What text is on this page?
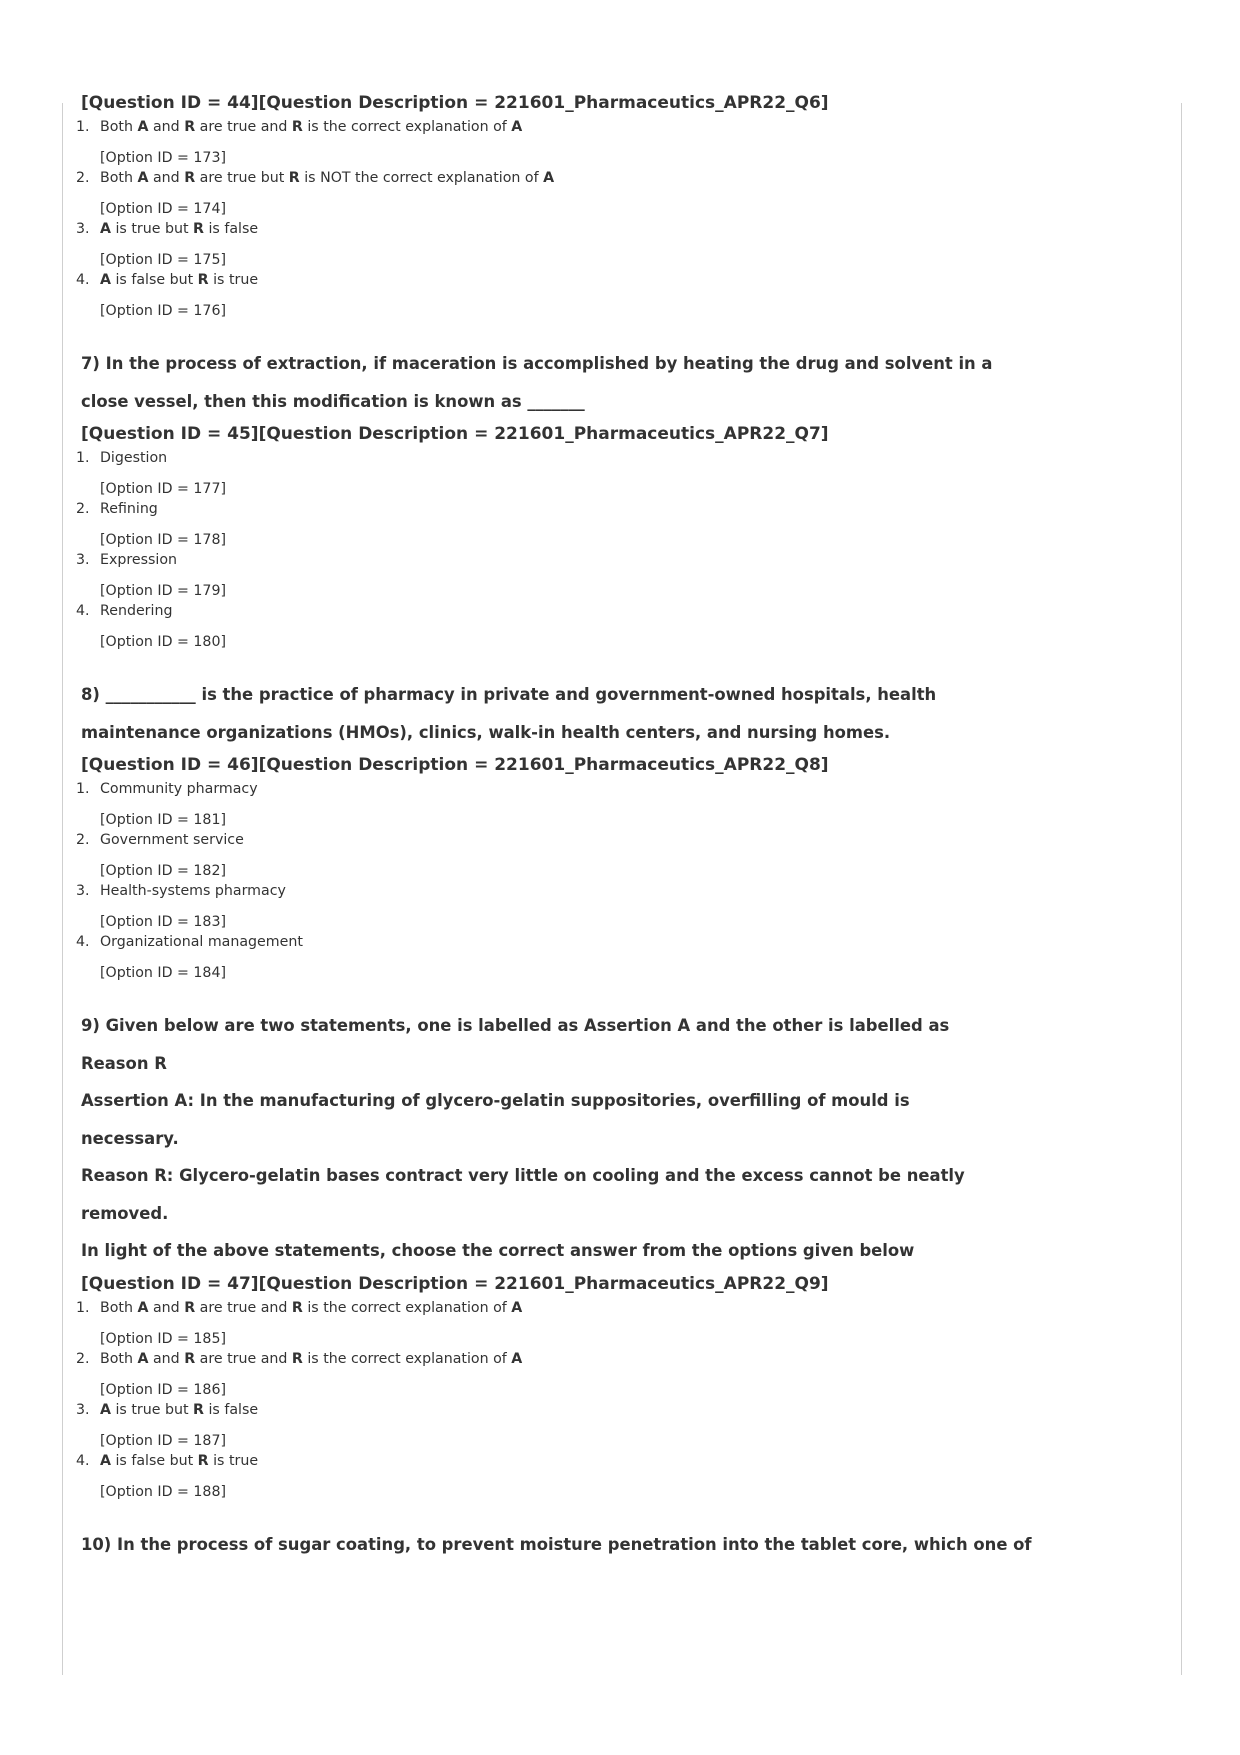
[Question ID = 44][Question Description = 221601_Pharmaceutics_APR22_Q6]
1. Both A and R are true and R is the correct explanation of A
[Option ID = 173]
2. Both A and R are true but R is NOT the correct explanation of A
[Option ID = 174]
3. A is true but R is false
[Option ID = 175]
4. A is false but R is true
[Option ID = 176]
7) In the process of extraction, if maceration is accomplished by heating the drug and solvent in a
close vessel, then this modification is known as _______
[Question ID = 45][Question Description = 221601_Pharmaceutics_APR22_Q7]
1. Digestion
[Option ID = 177]
2. Refining
[Option ID = 178]
3. Expression
[Option ID = 179]
4. Rendering
[Option ID = 180]
8) ___________ is the practice of pharmacy in private and government-owned hospitals, health
maintenance organizations (HMOs), clinics, walk-in health centers, and nursing homes.
[Question ID = 46][Question Description = 221601_Pharmaceutics_APR22_Q8]
1. Community pharmacy
[Option ID = 181]
2. Government service
[Option ID = 182]
3. Health-systems pharmacy
[Option ID = 183]
4. Organizational management
[Option ID = 184]
9) Given below are two statements, one is labelled as Assertion A and the other is labelled as
Reason R
Assertion A: In the manufacturing of glycero-gelatin suppositories, overfilling of mould is
necessary.
Reason R: Glycero-gelatin bases contract very little on cooling and the excess cannot be neatly
removed.
In light of the above statements, choose the correct answer from the options given below
[Question ID = 47][Question Description = 221601_Pharmaceutics_APR22_Q9]
1. Both A and R are true and R is the correct explanation of A
[Option ID = 185]
2. Both A and R are true and R is the correct explanation of A
[Option ID = 186]
3. A is true but R is false
[Option ID = 187]
4. A is false but R is true
[Option ID = 188]
10) In the process of sugar coating, to prevent moisture penetration into the tablet core, which one of
